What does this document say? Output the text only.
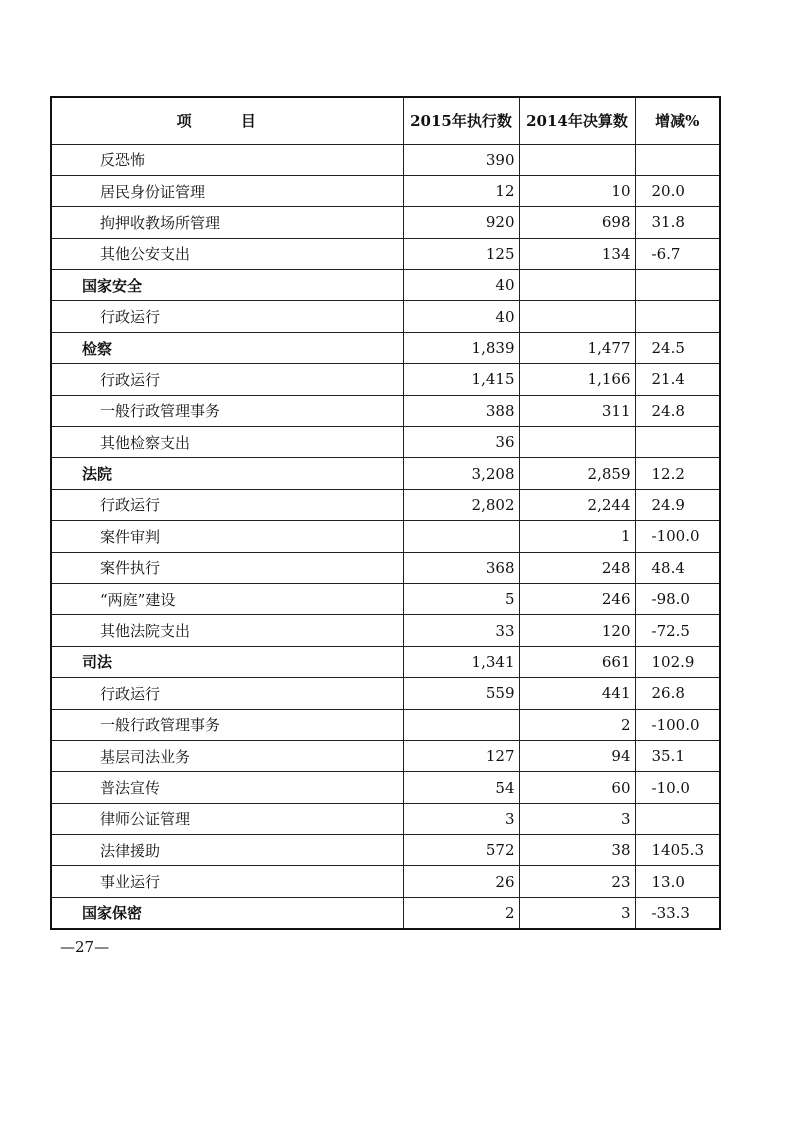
项 目	2015年执行数	2014年决算数	增减%
反恐怖	390		
居民身份证管理	12	10	20.0
拘押收教场所管理	920	698	31.8
其他公安支出	125	134	-6.7
国家安全	40		
行政运行	40		
检察	1,839	1,477	24.5
行政运行	1,415	1,166	21.4
一般行政管理事务	388	311	24.8
其他检察支出	36		
法院	3,208	2,859	12.2
行政运行	2,802	2,244	24.9
案件审判		1	-100.0
案件执行	368	248	48.4
“两庭”建设	5	246	-98.0
其他法院支出	33	120	-72.5
司法	1,341	661	102.9
行政运行	559	441	26.8
一般行政管理事务		2	-100.0
基层司法业务	127	94	35.1
普法宣传	54	60	-10.0
律师公证管理	3	3	
法律援助	572	38	1405.3
事业运行	26	23	13.0
国家保密	2	3	-33.3
—27—
